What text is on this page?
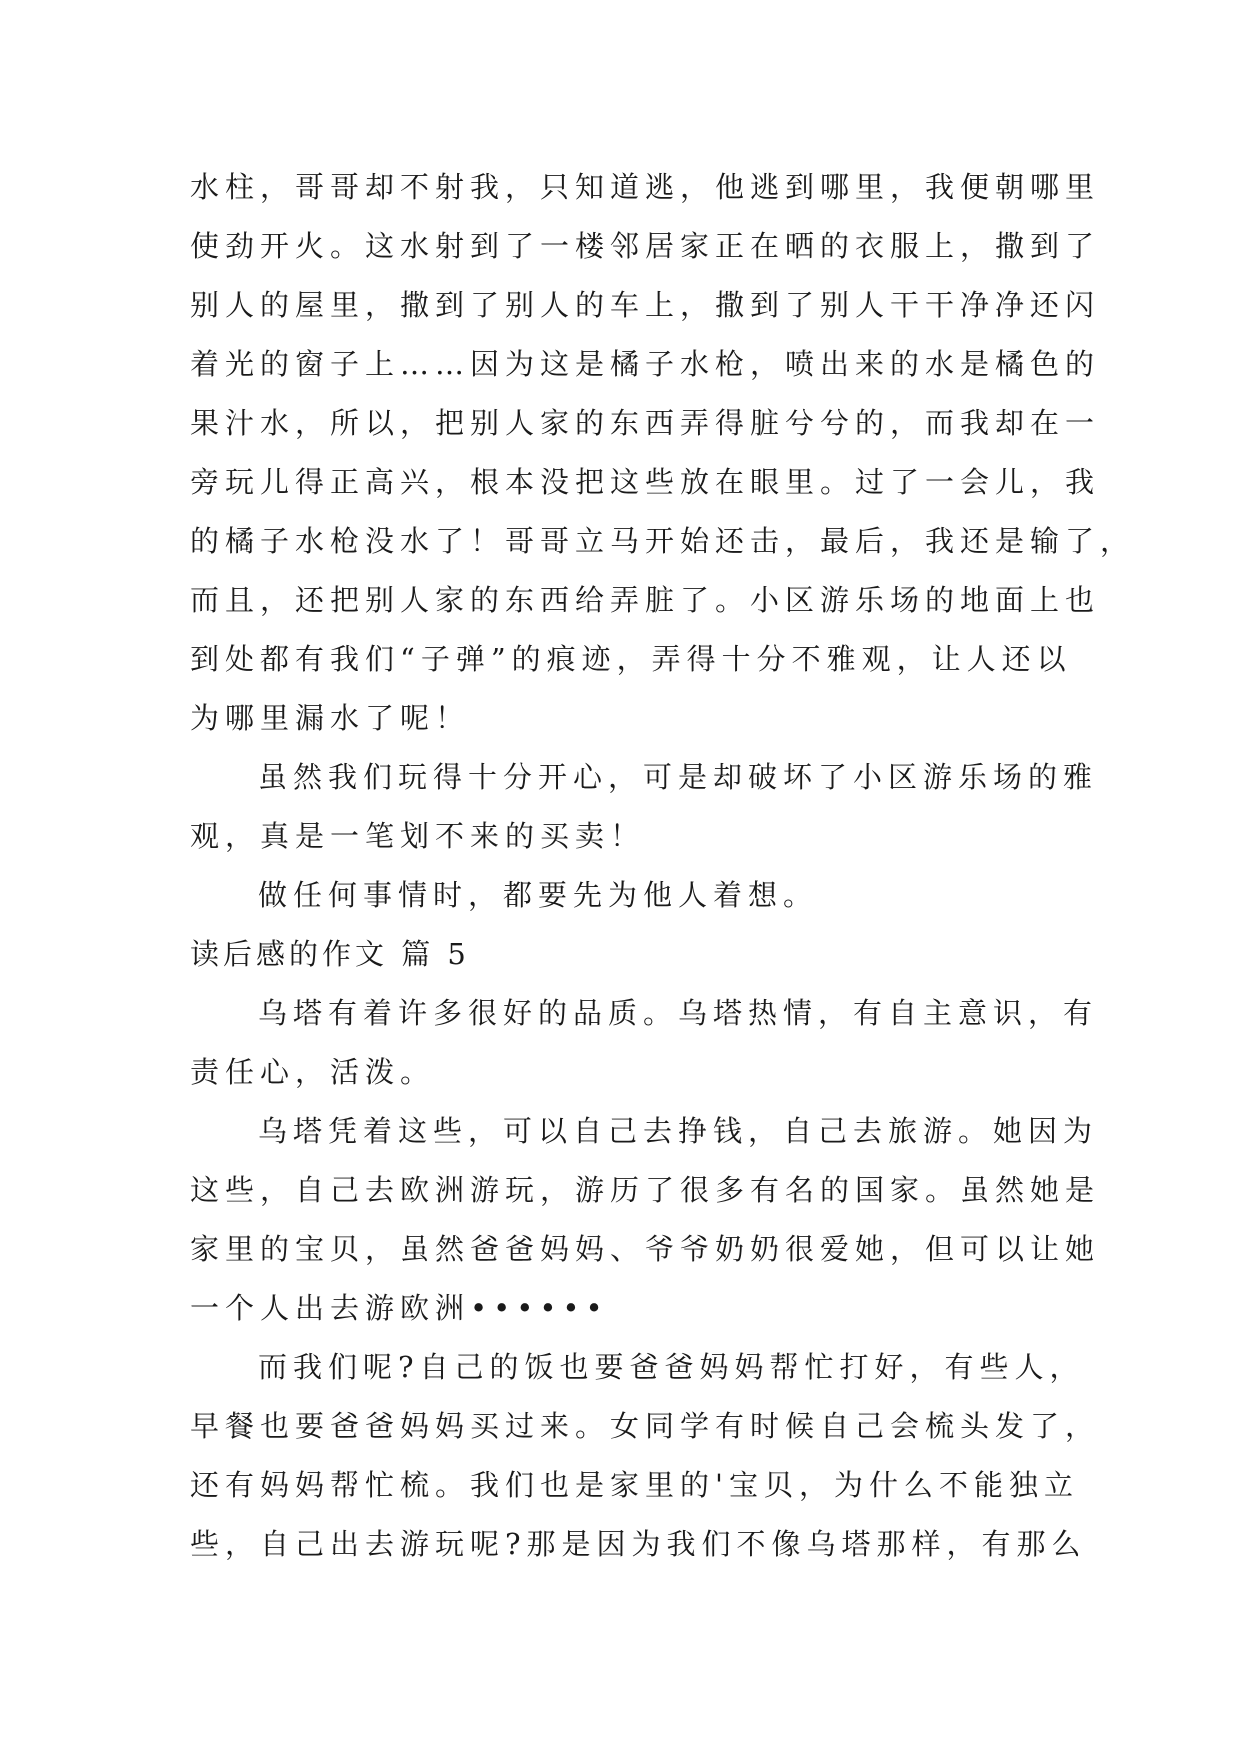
水柱，哥哥却不射我，只知道逃，他逃到哪里，我便朝哪里
使劲开火。这水射到了一楼邻居家正在晒的衣服上，撒到了
别人的屋里，撒到了别人的车上，撒到了别人干干净净还闪
着光的窗子上……因为这是橘子水枪，喷出来的水是橘色的
果汁水，所以，把别人家的东西弄得脏兮兮的，而我却在一
旁玩儿得正高兴，根本没把这些放在眼里。过了一会儿，我
的橘子水枪没水了！哥哥立马开始还击，最后，我还是输了，
而且，还把别人家的东西给弄脏了。小区游乐场的地面上也
到处都有我们“子弹”的痕迹，弄得十分不雅观，让人还以
为哪里漏水了呢！
虽然我们玩得十分开心，可是却破坏了小区游乐场的雅
观，真是一笔划不来的买卖！
做任何事情时，都要先为他人着想。
读后感的作文 篇 5
乌塔有着许多很好的品质。乌塔热情，有自主意识，有
责任心，活泼。
乌塔凭着这些，可以自己去挣钱，自己去旅游。她因为
这些，自己去欧洲游玩，游历了很多有名的国家。虽然她是
家里的宝贝，虽然爸爸妈妈、爷爷奶奶很爱她，但可以让她
一个人出去游欧洲••••••
而我们呢?自己的饭也要爸爸妈妈帮忙打好，有些人，
早餐也要爸爸妈妈买过来。女同学有时候自己会梳头发了，
还有妈妈帮忙梳。我们也是家里的'宝贝，为什么不能独立
些，自己出去游玩呢?那是因为我们不像乌塔那样，有那么
